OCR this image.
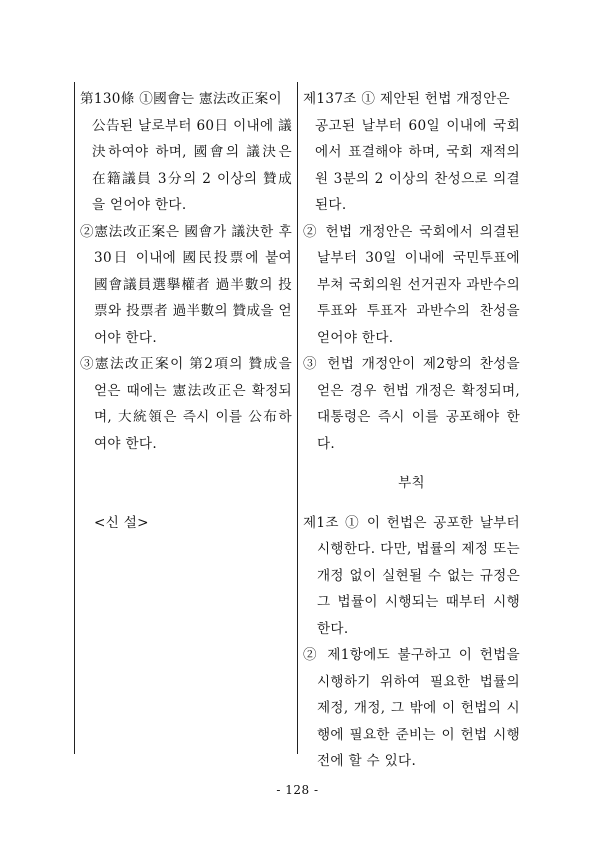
第130條 ①國會는 憲法改正案이

公告된 날로부터 60日 이내에 議決하여야 하며, 國會의 議決은 在籍議員 3分의 2 이상의 贊成을 얻어야 한다.

②憲法改正案은 國會가 議決한 후 30日 이내에 國民投票에 붙여 國會議員選擧權者 過半數의 投票와 投票者 過半數의 贊成을 얻어야 한다.

③憲法改正案이 第2項의 贊成을 얻은 때에는 憲法改正은 확정되며, 大統領은 즉시 이를 公布하여야 한다.

<신 설>

제137조 ① 제안된 헌법 개정안은

공고된 날부터 60일 이내에 국회에서 표결해야 하며, 국회 재적의원 3분의 2 이상의 찬성으로 의결된다.

② 헌법 개정안은 국회에서 의결된 날부터 30일 이내에 국민투표에 부쳐 국회의원 선거권자 과반수의 투표와 투표자 과반수의 찬성을 얻어야 한다.

③ 헌법 개정안이 제2항의 찬성을 얻은 경우 헌법 개정은 확정되며, 대통령은 즉시 이를 공포해야 한다.

부칙

제1조 ① 이 헌법은 공포한 날부터 시행한다. 다만, 법률의 제정 또는 개정 없이 실현될 수 없는 규정은 그 법률이 시행되는 때부터 시행한다.

② 제1항에도 불구하고 이 헌법을 시행하기 위하여 필요한 법률의 제정, 개정, 그 밖에 이 헌법의 시행에 필요한 준비는 이 헌법 시행 전에 할 수 있다.

- 128 -
